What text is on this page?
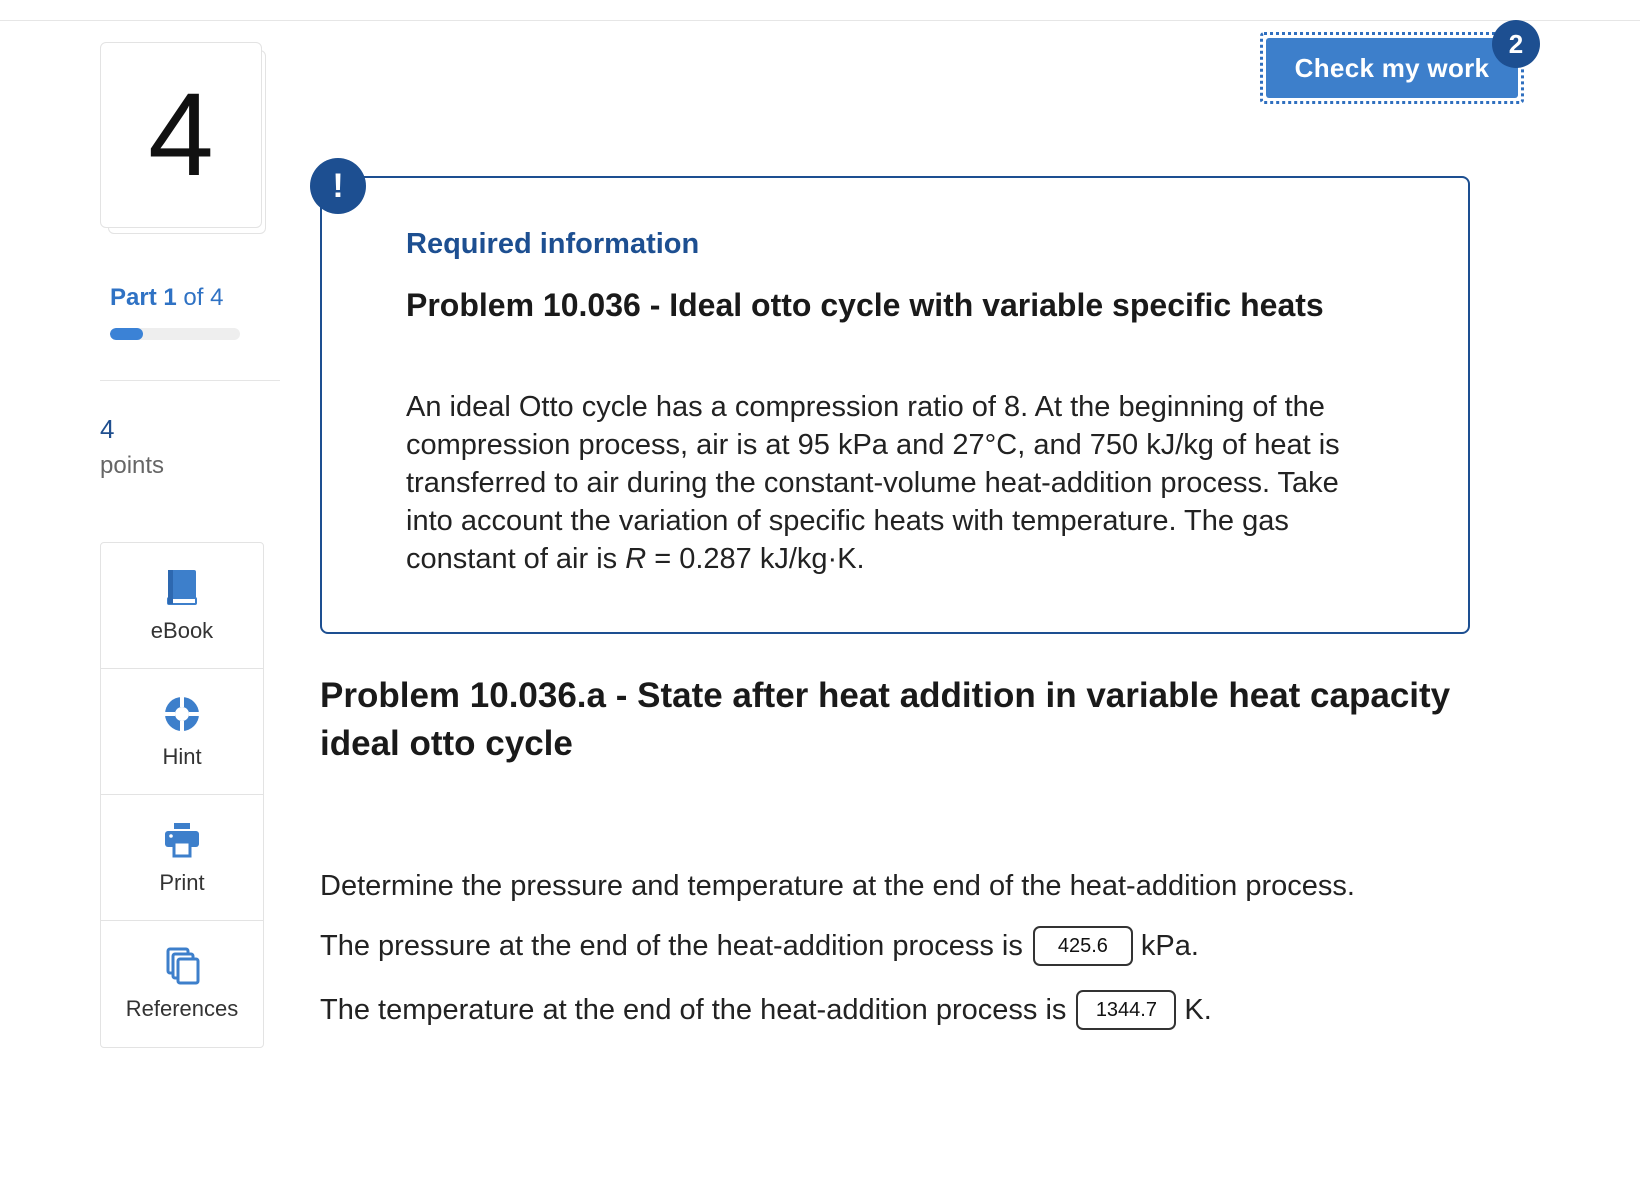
4
Part 1 of 4
4
points
eBook
Hint
Print
References
Check my work
2
!
Required information
Problem 10.036 - Ideal otto cycle with variable specific heats
An ideal Otto cycle has a compression ratio of 8. At the beginning of the compression process, air is at 95 kPa and 27°C, and 750 kJ/kg of heat is transferred to air during the constant-volume heat-addition process. Take into account the variation of specific heats with temperature. The gas constant of air is R = 0.287 kJ/kg·K.
Problem 10.036.a - State after heat addition in variable heat capacity ideal otto cycle
Determine the pressure and temperature at the end of the heat-addition process.
The pressure at the end of the heat-addition process is	425.6	kPa.
The temperature at the end of the heat-addition process is	1344.7 K.
